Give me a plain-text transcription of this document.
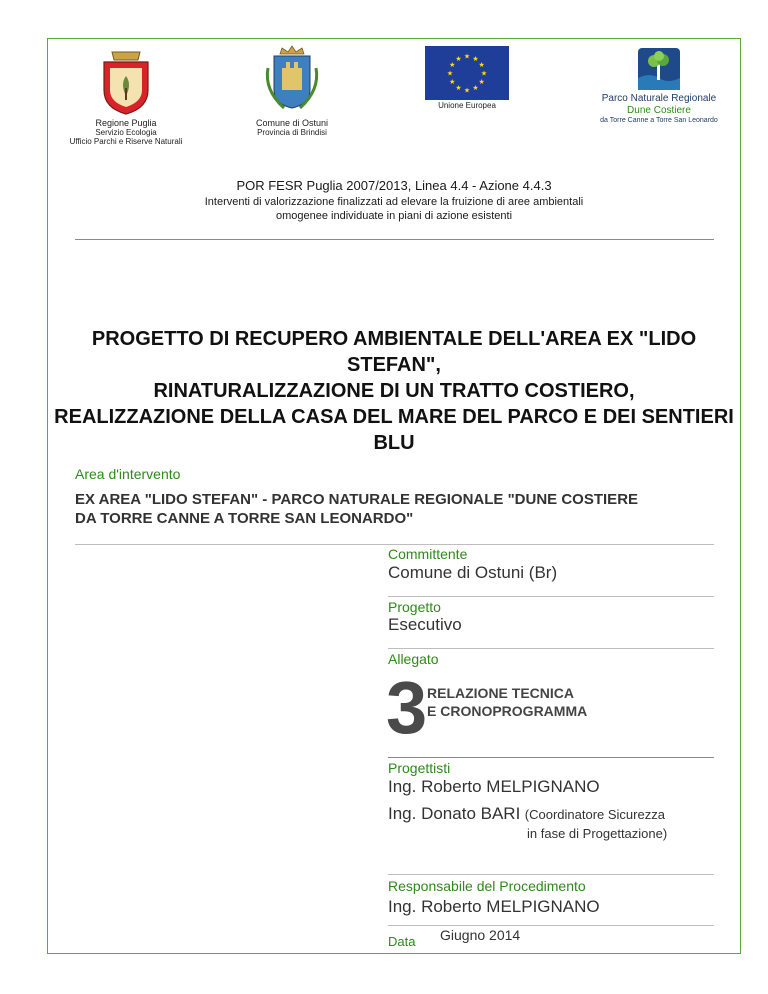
Regione Puglia
Servizio Ecologia
Ufficio Parchi e Riserve Naturali
Comune di Ostuni
Provincia di Brindisi
★ ★
★
★
★
★
★
★
★
★
★
★
Unione Europea
Parco Naturale Regionale
Dune Costiere
da Torre Canne a Torre San Leonardo
POR FESR Puglia 2007/2013, Linea 4.4 - Azione 4.4.3
Interventi di valorizzazione finalizzati ad elevare la fruizione di aree ambientali
omogenee individuate in piani di azione esistenti
PROGETTO DI RECUPERO AMBIENTALE DELL'AREA EX "LIDO STEFAN",
RINATURALIZZAZIONE DI UN TRATTO COSTIERO,
REALIZZAZIONE DELLA CASA DEL MARE DEL PARCO E DEI SENTIERI BLU
Area d'intervento
EX AREA "LIDO STEFAN" - PARCO NATURALE REGIONALE "DUNE COSTIERE
DA TORRE CANNE A TORRE SAN LEONARDO"
Committente
Comune di Ostuni (Br)
Progetto
Esecutivo
Allegato
3 RELAZIONE TECNICA
E CRONOPROGRAMMA
Progettisti
Ing. Roberto MELPIGNANO
Ing. Donato BARI (Coordinatore Sicurezza
in fase di Progettazione)
Responsabile del Procedimento
Ing. Roberto MELPIGNANO
Data Giugno 2014
